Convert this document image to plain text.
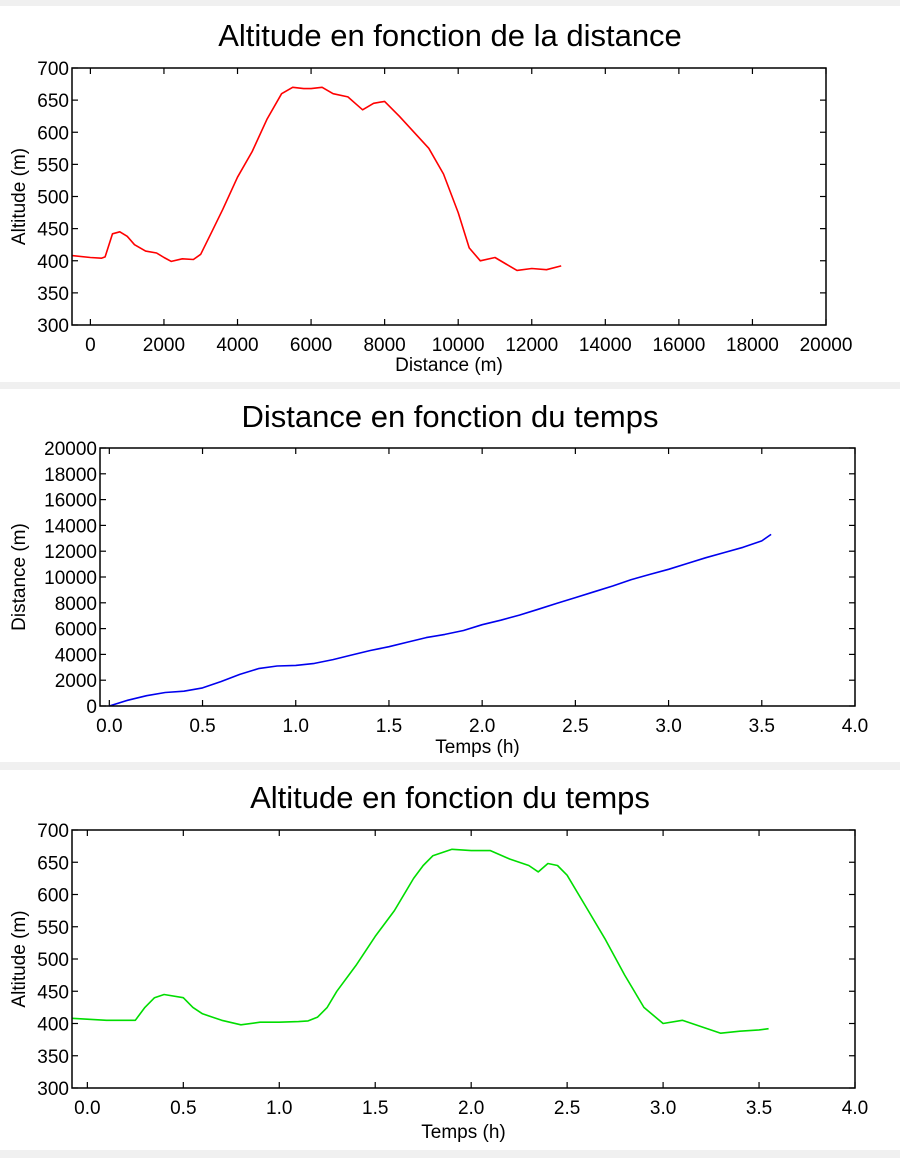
Altitude en fonction de la distance
Distance (m)
Altitude (m)
0 2000 4000 6000 8000 10000 12000 14000 16000 18000 20000
300
350
400
450
500
550
600
650
700
Distance en fonction du temps
Temps (h)
Distance (m)
0.0	0.5	1.0	1.5	2.0	2.5	3.0	3.5	4.0
0
2000
4000
6000
8000
10000
12000
14000
16000
18000
20000
Altitude en fonction du temps
Temps (h)
Altitude (m)
0.0	0.5	1.0	1.5	2.0	2.5	3.0	3.5	4.0
300
350
400
450
500
550
600
650
700
